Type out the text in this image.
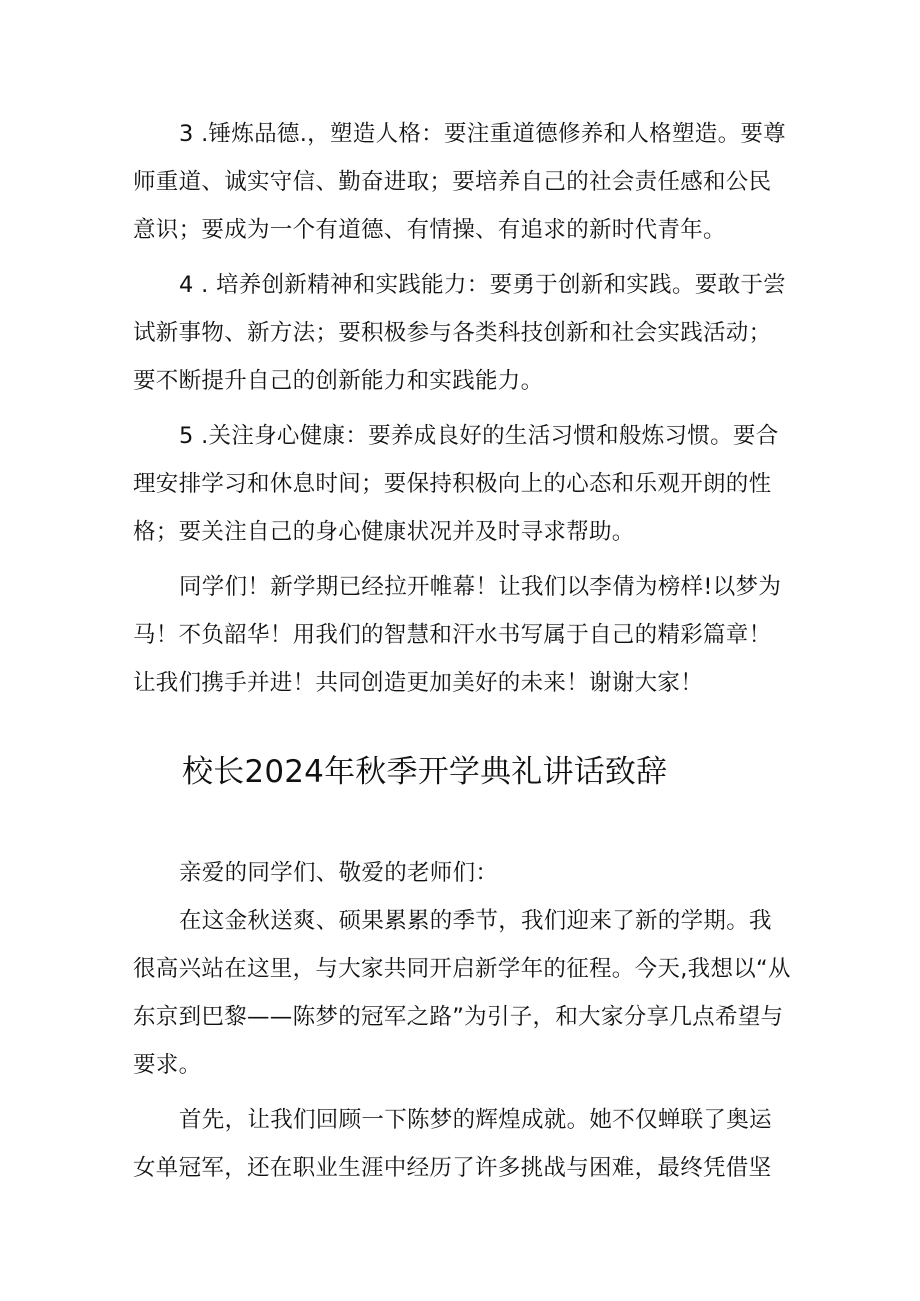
3 .锤炼品德.，塑造人格：要注重道德修养和人格塑造。要尊师重道、诚实守信、勤奋进取；要培养自己的社会责任感和公民意识；要成为一个有道德、有情操、有追求的新时代青年。

4 . 培养创新精神和实践能力：要勇于创新和实践。要敢于尝试新事物、新方法；要积极参与各类科技创新和社会实践活动；要不断提升自己的创新能力和实践能力。

5 .关注身心健康：要养成良好的生活习惯和般炼习惯。要合理安排学习和休息时间；要保持积极向上的心态和乐观开朗的性格；要关注自己的身心健康状况并及时寻求帮助。

同学们！新学期已经拉开帷幕！让我们以李倩为榜样!以梦为马！不负韶华！用我们的智慧和汗水书写属于自己的精彩篇章！让我们携手并进！共同创造更加美好的未来！谢谢大家！

校长2024年秋季开学典礼讲话致辞

亲爱的同学们、敬爱的老师们：

在这金秋送爽、硕果累累的季节，我们迎来了新的学期。我很高兴站在这里，与大家共同开启新学年的征程。今天,我想以“从东京到巴黎——陈梦的冠军之路”为引子，和大家分享几点希望与要求。

首先，让我们回顾一下陈梦的辉煌成就。她不仅蝉联了奥运女单冠军，还在职业生涯中经历了许多挑战与困难，最终凭借坚
